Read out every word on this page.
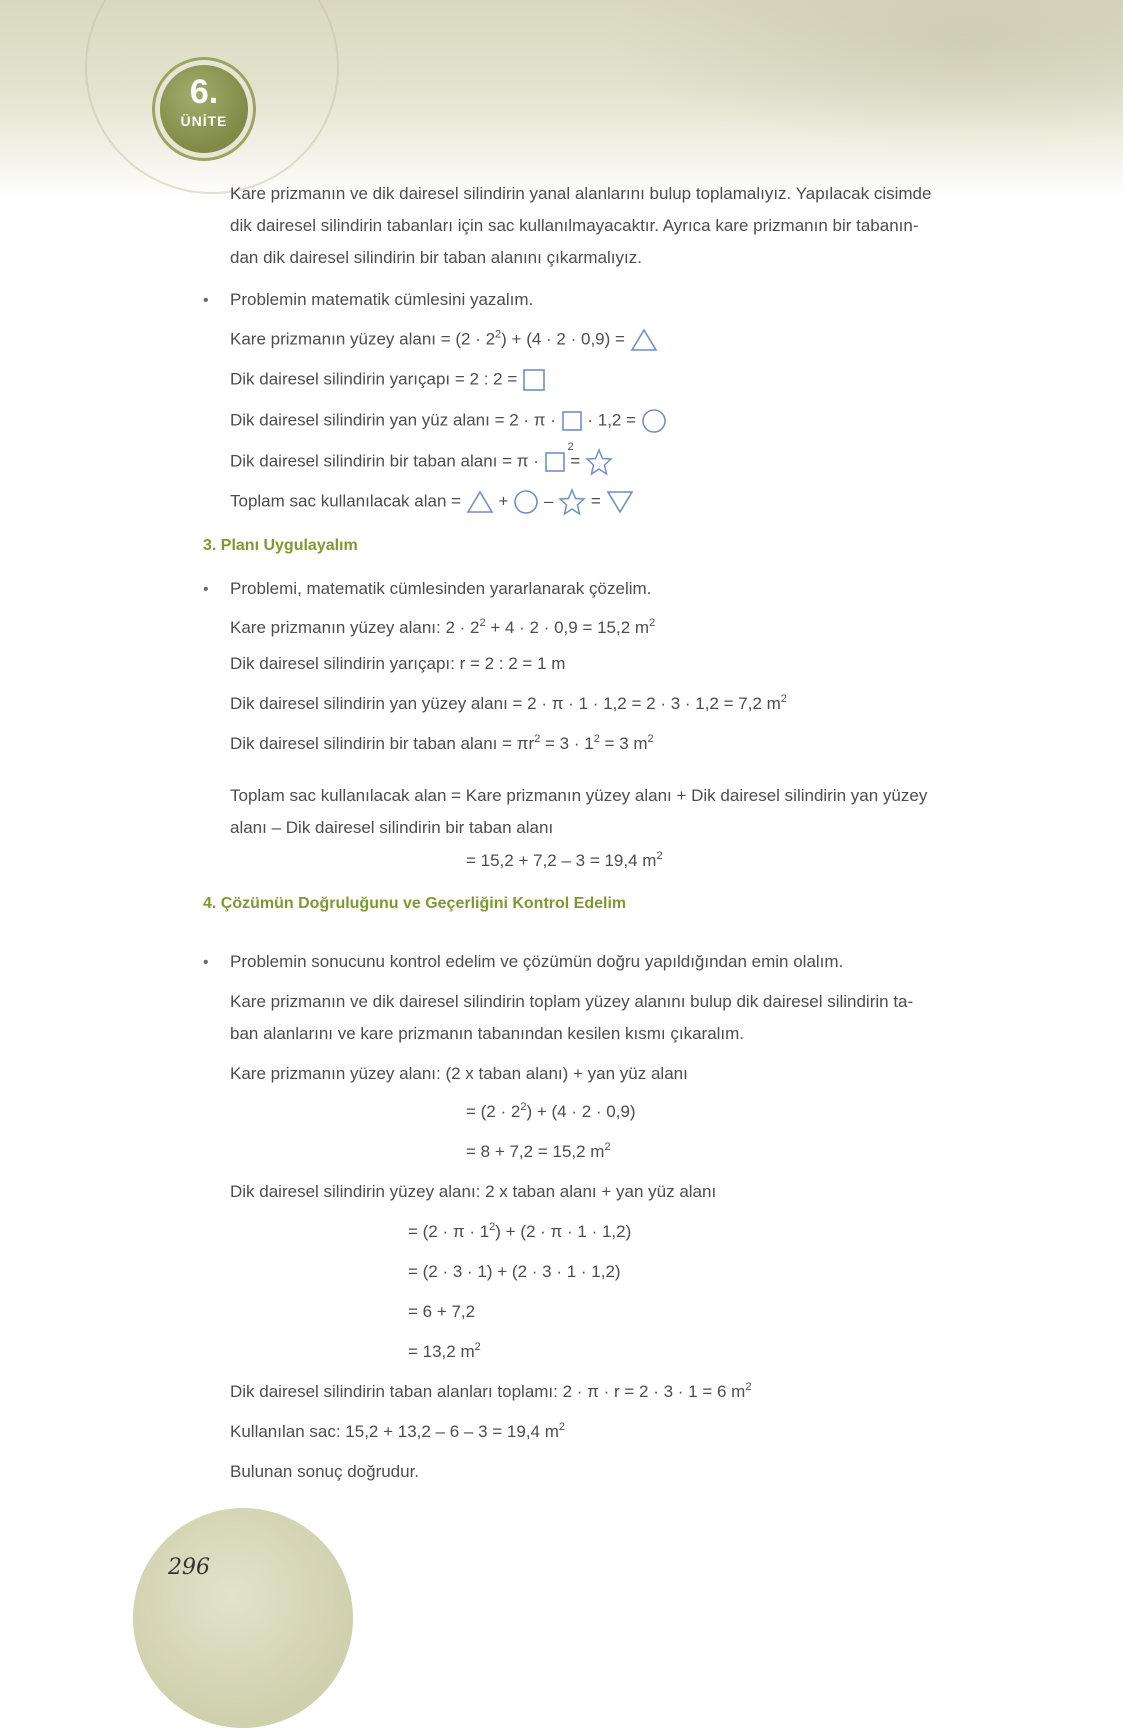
6.
ÜNİTE
Kare prizmanın ve dik dairesel silindirin yanal alanlarını bulup toplamalıyız. Yapılacak cisimde
dik dairesel silindirin tabanları için sac kullanılmayacaktır. Ayrıca kare prizmanın bir tabanın-
dan dik dairesel silindirin bir taban alanını çıkarmalıyız.
• Problemin matematik cümlesini yazalım.
Kare prizmanın yüzey alanı = $(2 \cdot 2^2) + (4 \cdot 2 \cdot 0,9)$ =
Dik dairesel silindirin yarıçapı = 2 : 2 =
Dik dairesel silindirin yan yüz alanı = 2 · π · · 1,2 =
Dik dairesel silindirin bir taban alanı = π ·
2
=
Toplam sac kullanılacak alan = + – =
3. Planı Uygulayalım
• Problemi, matematik cümlesinden yararlanarak çözelim.
Kare prizmanın yüzey alanı: $2 \cdot 2^2 + 4 \cdot 2 \cdot 0,9 = 15,2$ $m^2$
Dik dairesel silindirin yarıçapı: r = 2 : 2 = 1 m
Dik dairesel silindirin yan yüzey alanı = 2 · π · 1 · 1,2 = 2 · 3 · 1,2 = 7,2 $m^2$
Dik dairesel silindirin bir taban alanı = $\pi r^2 = 3 \cdot 1^2 = 3$ $m^2$
Toplam sac kullanılacak alan = Kare prizmanın yüzey alanı + Dik dairesel silindirin yan yüzey
alanı – Dik dairesel silindirin bir taban alanı
= 15,2 + 7,2 – 3 = 19,4 $m^2$
4. Çözümün Doğruluğunu ve Geçerliğini Kontrol Edelim
• Problemin sonucunu kontrol edelim ve çözümün doğru yapıldığından emin olalım.
Kare prizmanın ve dik dairesel silindirin toplam yüzey alanını bulup dik dairesel silindirin ta-
ban alanlarını ve kare prizmanın tabanından kesilen kısmı çıkaralım.
Kare prizmanın yüzey alanı: (2 x taban alanı) + yan yüz alanı
= $(2 \cdot 2^2) + (4 \cdot 2 \cdot 0,9)$
= 8 + 7,2 = 15,2 $m^2$
Dik dairesel silindirin yüzey alanı: 2 x taban alanı + yan yüz alanı
= $(2 \cdot \pi \cdot 1^2) + (2 \cdot \pi \cdot 1 \cdot 1,2)$
= (2 · 3 · 1) + (2 · 3 · 1 · 1,2)
= 6 + 7,2
= 13,2 $m^2$
Dik dairesel silindirin taban alanları toplamı: 2 · π · r = 2 · 3 · 1 = 6 $m^2$
Kullanılan sac: 15,2 + 13,2 – 6 – 3 = 19,4 $m^2$
Bulunan sonuç doğrudur.
296
